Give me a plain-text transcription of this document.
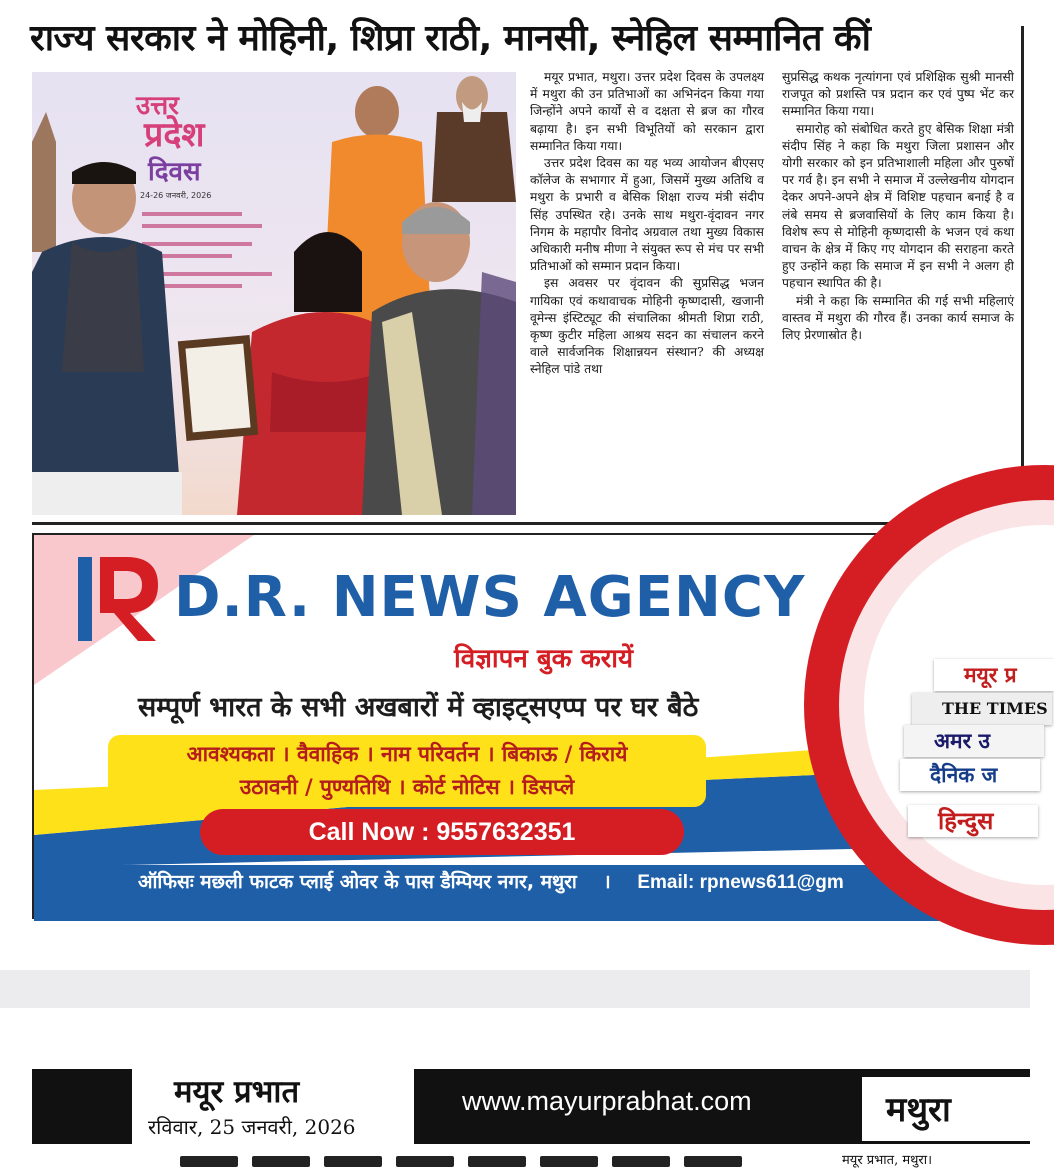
राज्य सरकार ने मोहिनी, शिप्रा राठी, मानसी, स्नेहिल सम्मानित कीं
उत्तर
प्रदेश
दिवस
24-26 जनवरी, 2026

मयूर प्रभात, मथुरा। उत्तर प्रदेश दिवस के उपलक्ष्य में मथुरा की उन प्रतिभाओं का अभिनंदन किया गया जिन्होंने अपने कार्यों से व दक्षता से ब्रज का गौरव बढ़ाया है। इन सभी विभूतियों को सरकान द्वारा सम्मानित किया गया।

उत्तर प्रदेश दिवस का यह भव्य आयोजन बीएसए कॉलेज के सभागार में हुआ, जिसमें मुख्य अतिथि व मथुरा के प्रभारी व बेसिक शिक्षा राज्य मंत्री संदीप सिंह उपस्थित रहे। उनके साथ मथुरा-वृंदावन नगर निगम के महापौर विनोद अग्रवाल तथा मुख्य विकास अधिकारी मनीष मीणा ने संयुक्त रूप से मंच पर सभी प्रतिभाओं को सम्मान प्रदान किया।

इस अवसर पर वृंदावन की सुप्रसिद्ध भजन गायिका एवं कथावाचक मोहिनी कृष्णदासी, खजानी वूमेन्स इंस्टिट्यूट की संचालिका श्रीमती शिप्रा राठी, कृष्ण कुटीर महिला आश्रय सदन का संचालन करने वाले सार्वजनिक शिक्षान्नयन संस्थान? की अध्यक्ष स्नेहिल पांडे तथा

सुप्रसिद्ध कथक नृत्यांगना एवं प्रशिक्षिक सुश्री मानसी राजपूत को प्रशस्ति पत्र प्रदान कर एवं पुष्प भेंट कर सम्मानित किया गया।

समारोह को संबोधित करते हुए बेसिक शिक्षा मंत्री संदीप सिंह ने कहा कि मथुरा जिला प्रशासन और योगी सरकार को इन प्रतिभाशाली महिला और पुरुषों पर गर्व है। इन सभी ने समाज में उल्लेखनीय योगदान देकर अपने-अपने क्षेत्र में विशिष्ट पहचान बनाई है व लंबे समय से ब्रजवासियों के लिए काम किया है। विशेष रूप से मोहिनी कृष्णदासी के भजन एवं कथा वाचन के क्षेत्र में किए गए योगदान की सराहना करते हुए उन्होंने कहा कि समाज में इन सभी ने अलग ही पहचान स्थापित की है।

मंत्री ने कहा कि सम्मानित की गई सभी महिलाएं वास्तव में मथुरा की गौरव हैं। उनका कार्य समाज के लिए प्रेरणास्रोत है।

D.R. NEWS AGENCY
विज्ञापन बुक करायें
सम्पूर्ण भारत के सभी अखबारों में व्हाइट्सएप्प पर घर बैठे
आवश्यकता । वैवाहिक । नाम परिवर्तन । बिकाऊ / किराये
उठावनी / पुण्यतिथि । कोर्ट नोटिस । डिसप्ले
Call Now : 9557632351
ऑफिसः मछली फाटक प्लाई ओवर के पास डैम्पियर नगर, मथुरा । Email: rpnews611@gm
मयूर प्र
THE TIMES
अमर उ
दैनिक ज
हिन्दुस
मयूर प्रभात
रविवार, 25 जनवरी, 2026
www.mayurprabhat.com	मथुरा
मयूर प्रभात, मथुरा।
